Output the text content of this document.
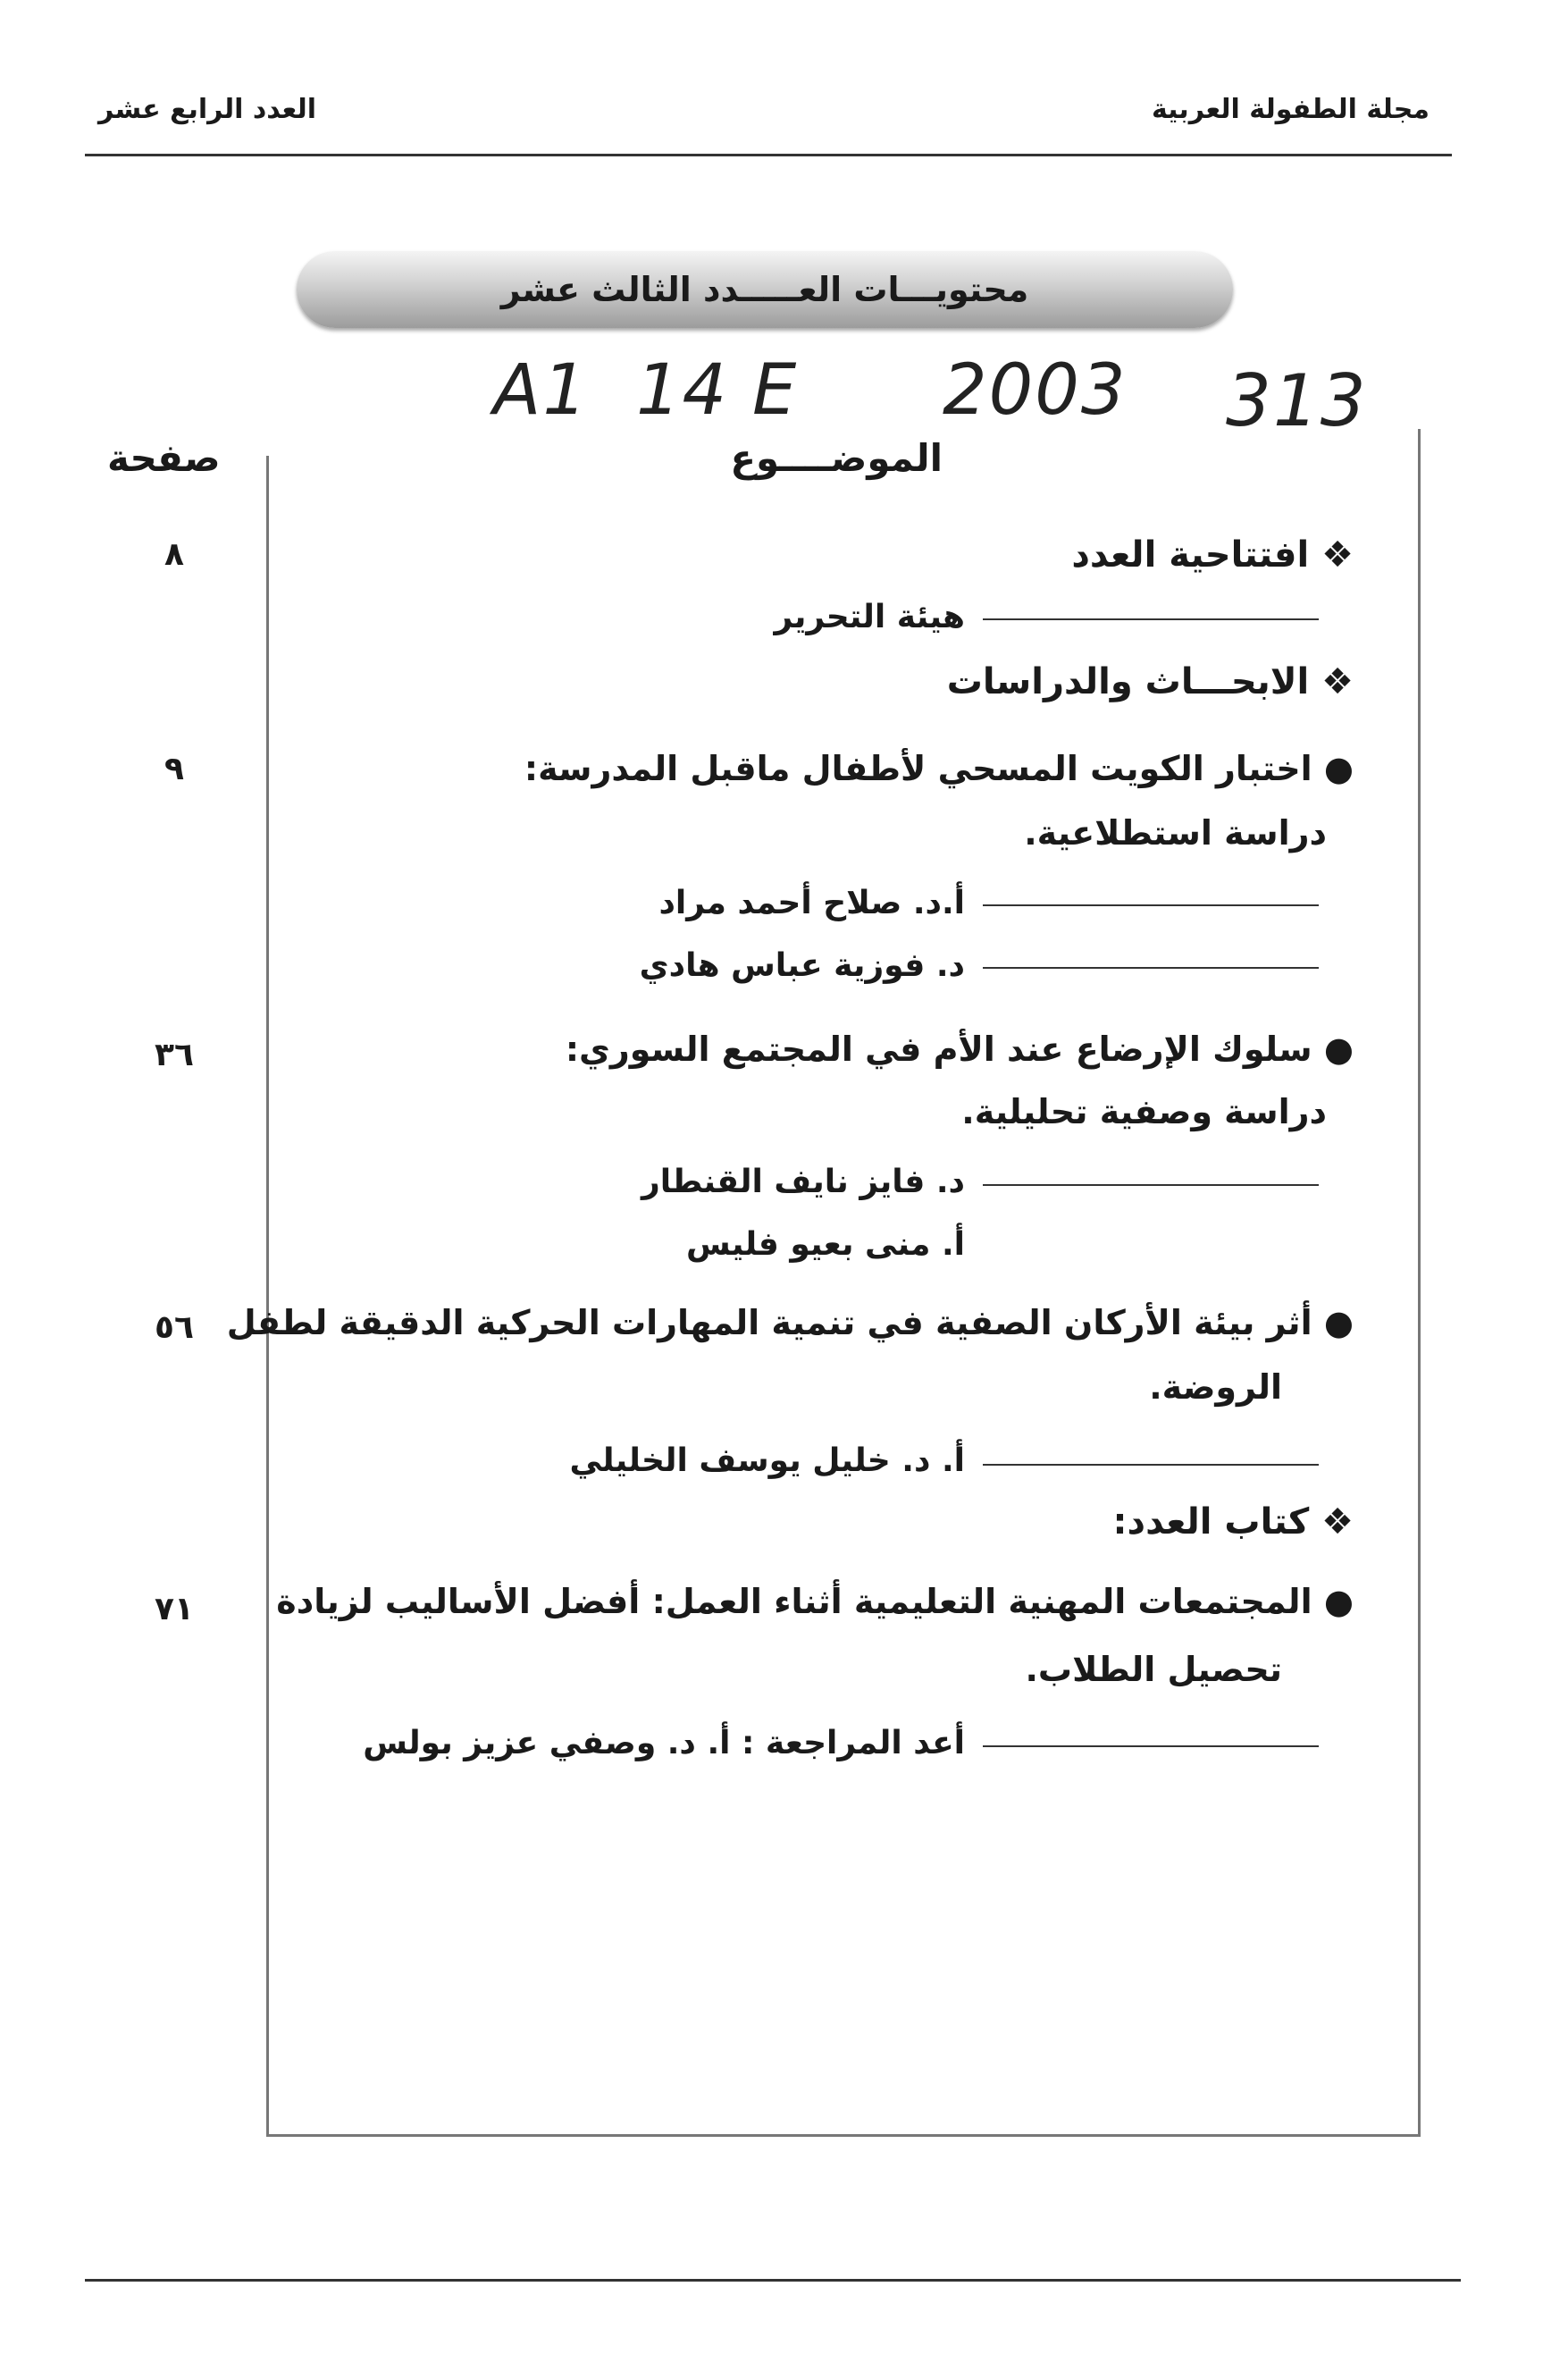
مجلة الطفولة العربية
العدد الرابع عشر
محتويـــات العـــــدد الثالث عشر
A1 14 E 2003 313
الموضــــوع
صفحة
❖ افتتاحية العدد
٨
هيئة التحرير
❖ الابحـــاث والدراسات
● اختبار الكويت المسحي لأطفال ماقبل المدرسة:
٩
دراسة استطلاعية.
أ.د. صلاح أحمد مراد
د. فوزية عباس هادي
● سلوك الإرضاع عند الأم في المجتمع السوري:
٣٦
دراسة وصفية تحليلية.
د. فايز نايف القنطار
أ. منى بعيو فليس
● أثر بيئة الأركان الصفية في تنمية المهارات الحركية الدقيقة لطفل
٥٦
الروضة.
أ. د. خليل يوسف الخليلي
❖ كتاب العدد:
● المجتمعات المهنية التعليمية أثناء العمل: أفضل الأساليب لزيادة
٧١
تحصيل الطلاب.
أعد المراجعة : أ. د. وصفي عزيز بولس
